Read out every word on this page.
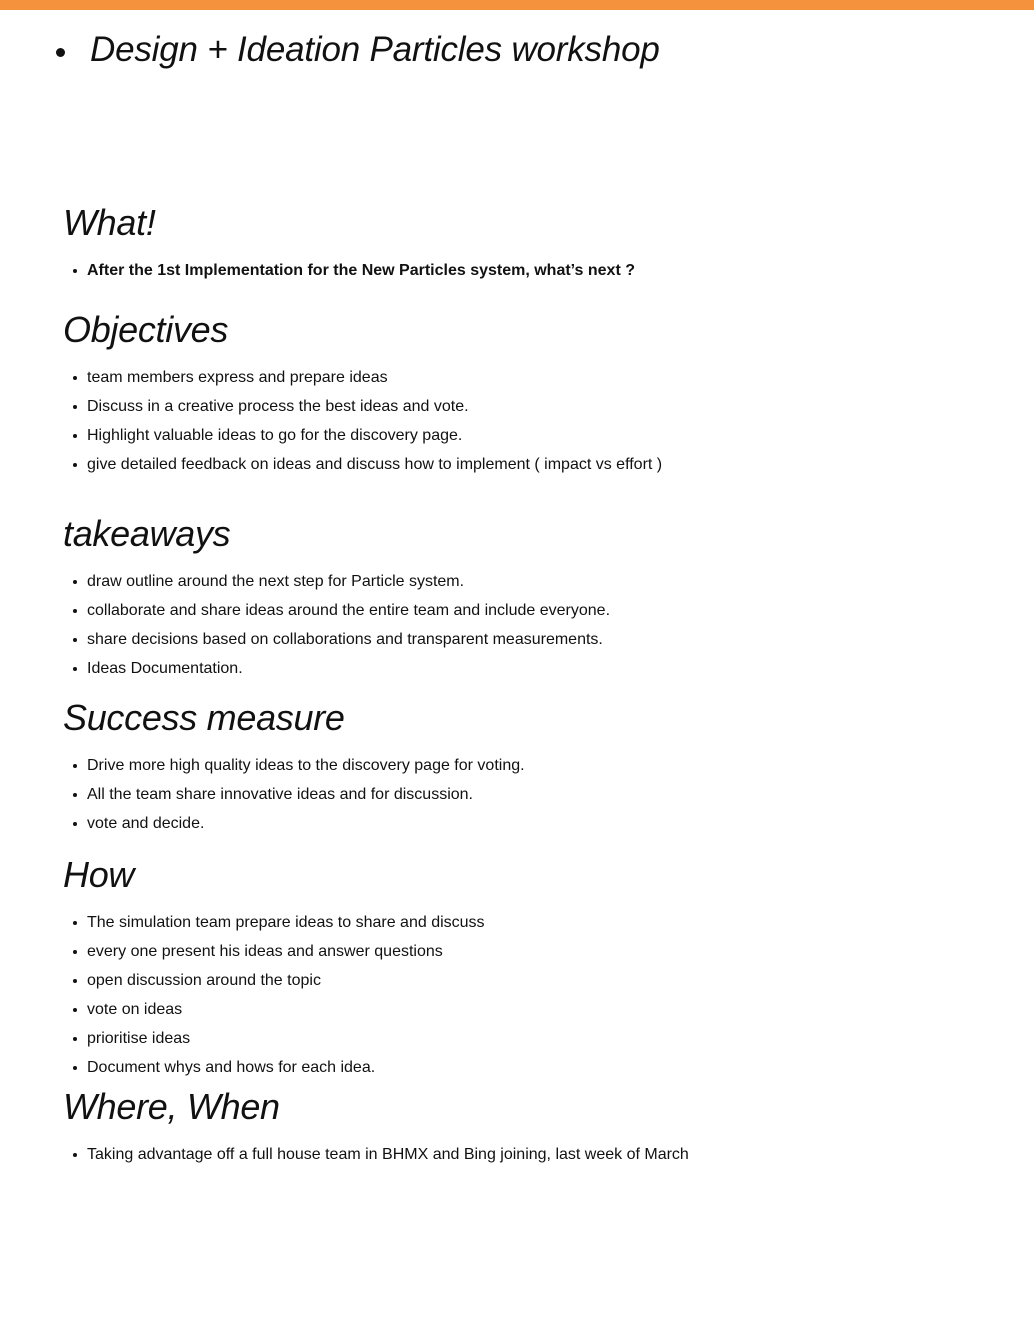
Design + Ideation Particles workshop
What!
After the 1st Implementation for the New Particles system, what’s next ?
Objectives
team members express and prepare ideas
Discuss in a creative process the best ideas and vote.
Highlight valuable ideas to go for the discovery page.
give detailed feedback on ideas and discuss how to implement ( impact vs effort )
takeaways
draw outline around the next step for Particle system.
collaborate and share ideas around the entire team and include everyone.
share decisions based on collaborations and transparent measurements.
Ideas Documentation.
Success measure
Drive more high quality ideas to the discovery page for voting.
All the team share innovative ideas and for discussion.
vote and decide.
How
The simulation team prepare ideas to share and discuss
every one present his ideas and answer questions
open discussion around the topic
vote on ideas
prioritise ideas
Document whys and hows for each idea.
Where, When
Taking advantage off a full house team in BHMX and Bing joining, last week of March
